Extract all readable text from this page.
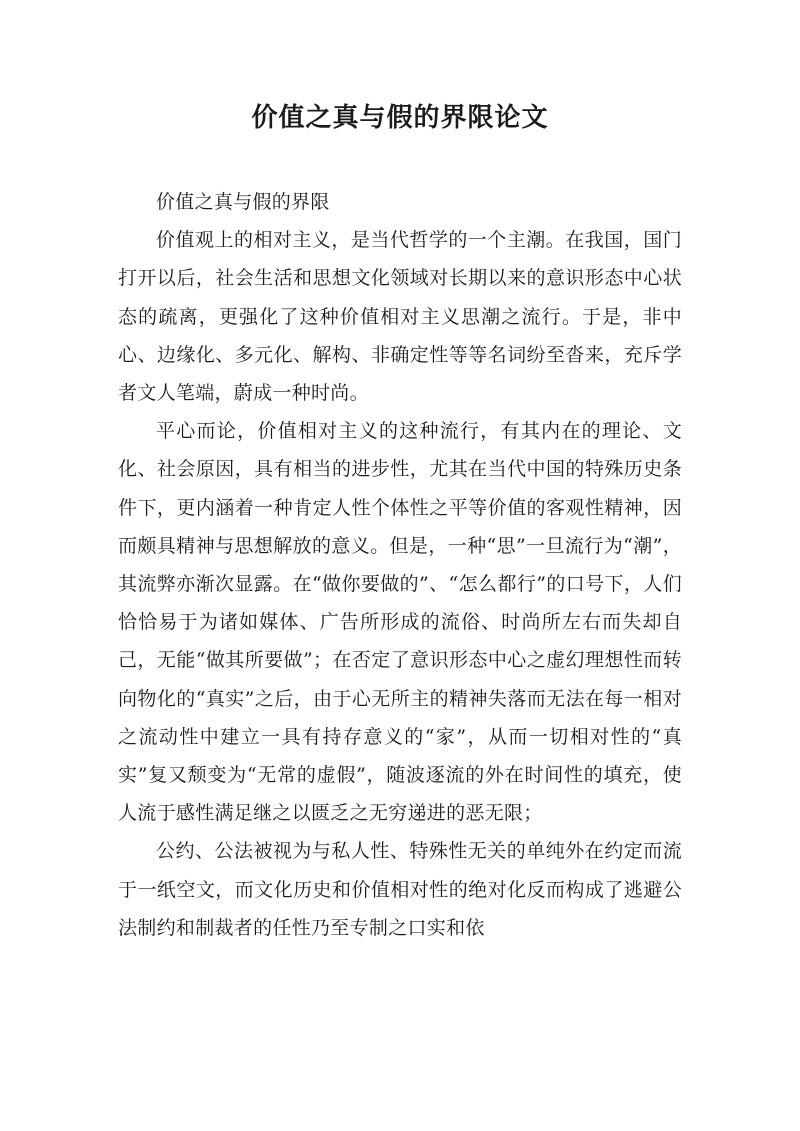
价值之真与假的界限论文

价值之真与假的界限

价值观上的相对主义，是当代哲学的一个主潮。在我国，国门打开以后，社会生活和思想文化领域对长期以来的意识形态中心状态的疏离，更强化了这种价值相对主义思潮之流行。于是，非中心、边缘化、多元化、解构、非确定性等等名词纷至沓来，充斥学者文人笔端，蔚成一种时尚。

平心而论，价值相对主义的这种流行，有其内在的理论、文化、社会原因，具有相当的进步性，尤其在当代中国的特殊历史条件下，更内涵着一种肯定人性个体性之平等价值的客观性精神，因而颇具精神与思想解放的意义。但是，一种“思”一旦流行为“潮”，其流弊亦渐次显露。在“做你要做的”、“怎么都行”的口号下，人们恰恰易于为诸如媒体、广告所形成的流俗、时尚所左右而失却自己，无能“做其所要做”；在否定了意识形态中心之虚幻理想性而转向物化的“真实”之后，由于心无所主的精神失落而无法在每一相对之流动性中建立一具有持存意义的“家”，从而一切相对性的“真实”复又颓变为“无常的虚假”，随波逐流的外在时间性的填充，使人流于感性满足继之以匮乏之无穷递进的恶无限；

公约、公法被视为与私人性、特殊性无关的单纯外在约定而流于一纸空文，而文化历史和价值相对性的绝对化反而构成了逃避公法制约和制裁者的任性乃至专制之口实和依
